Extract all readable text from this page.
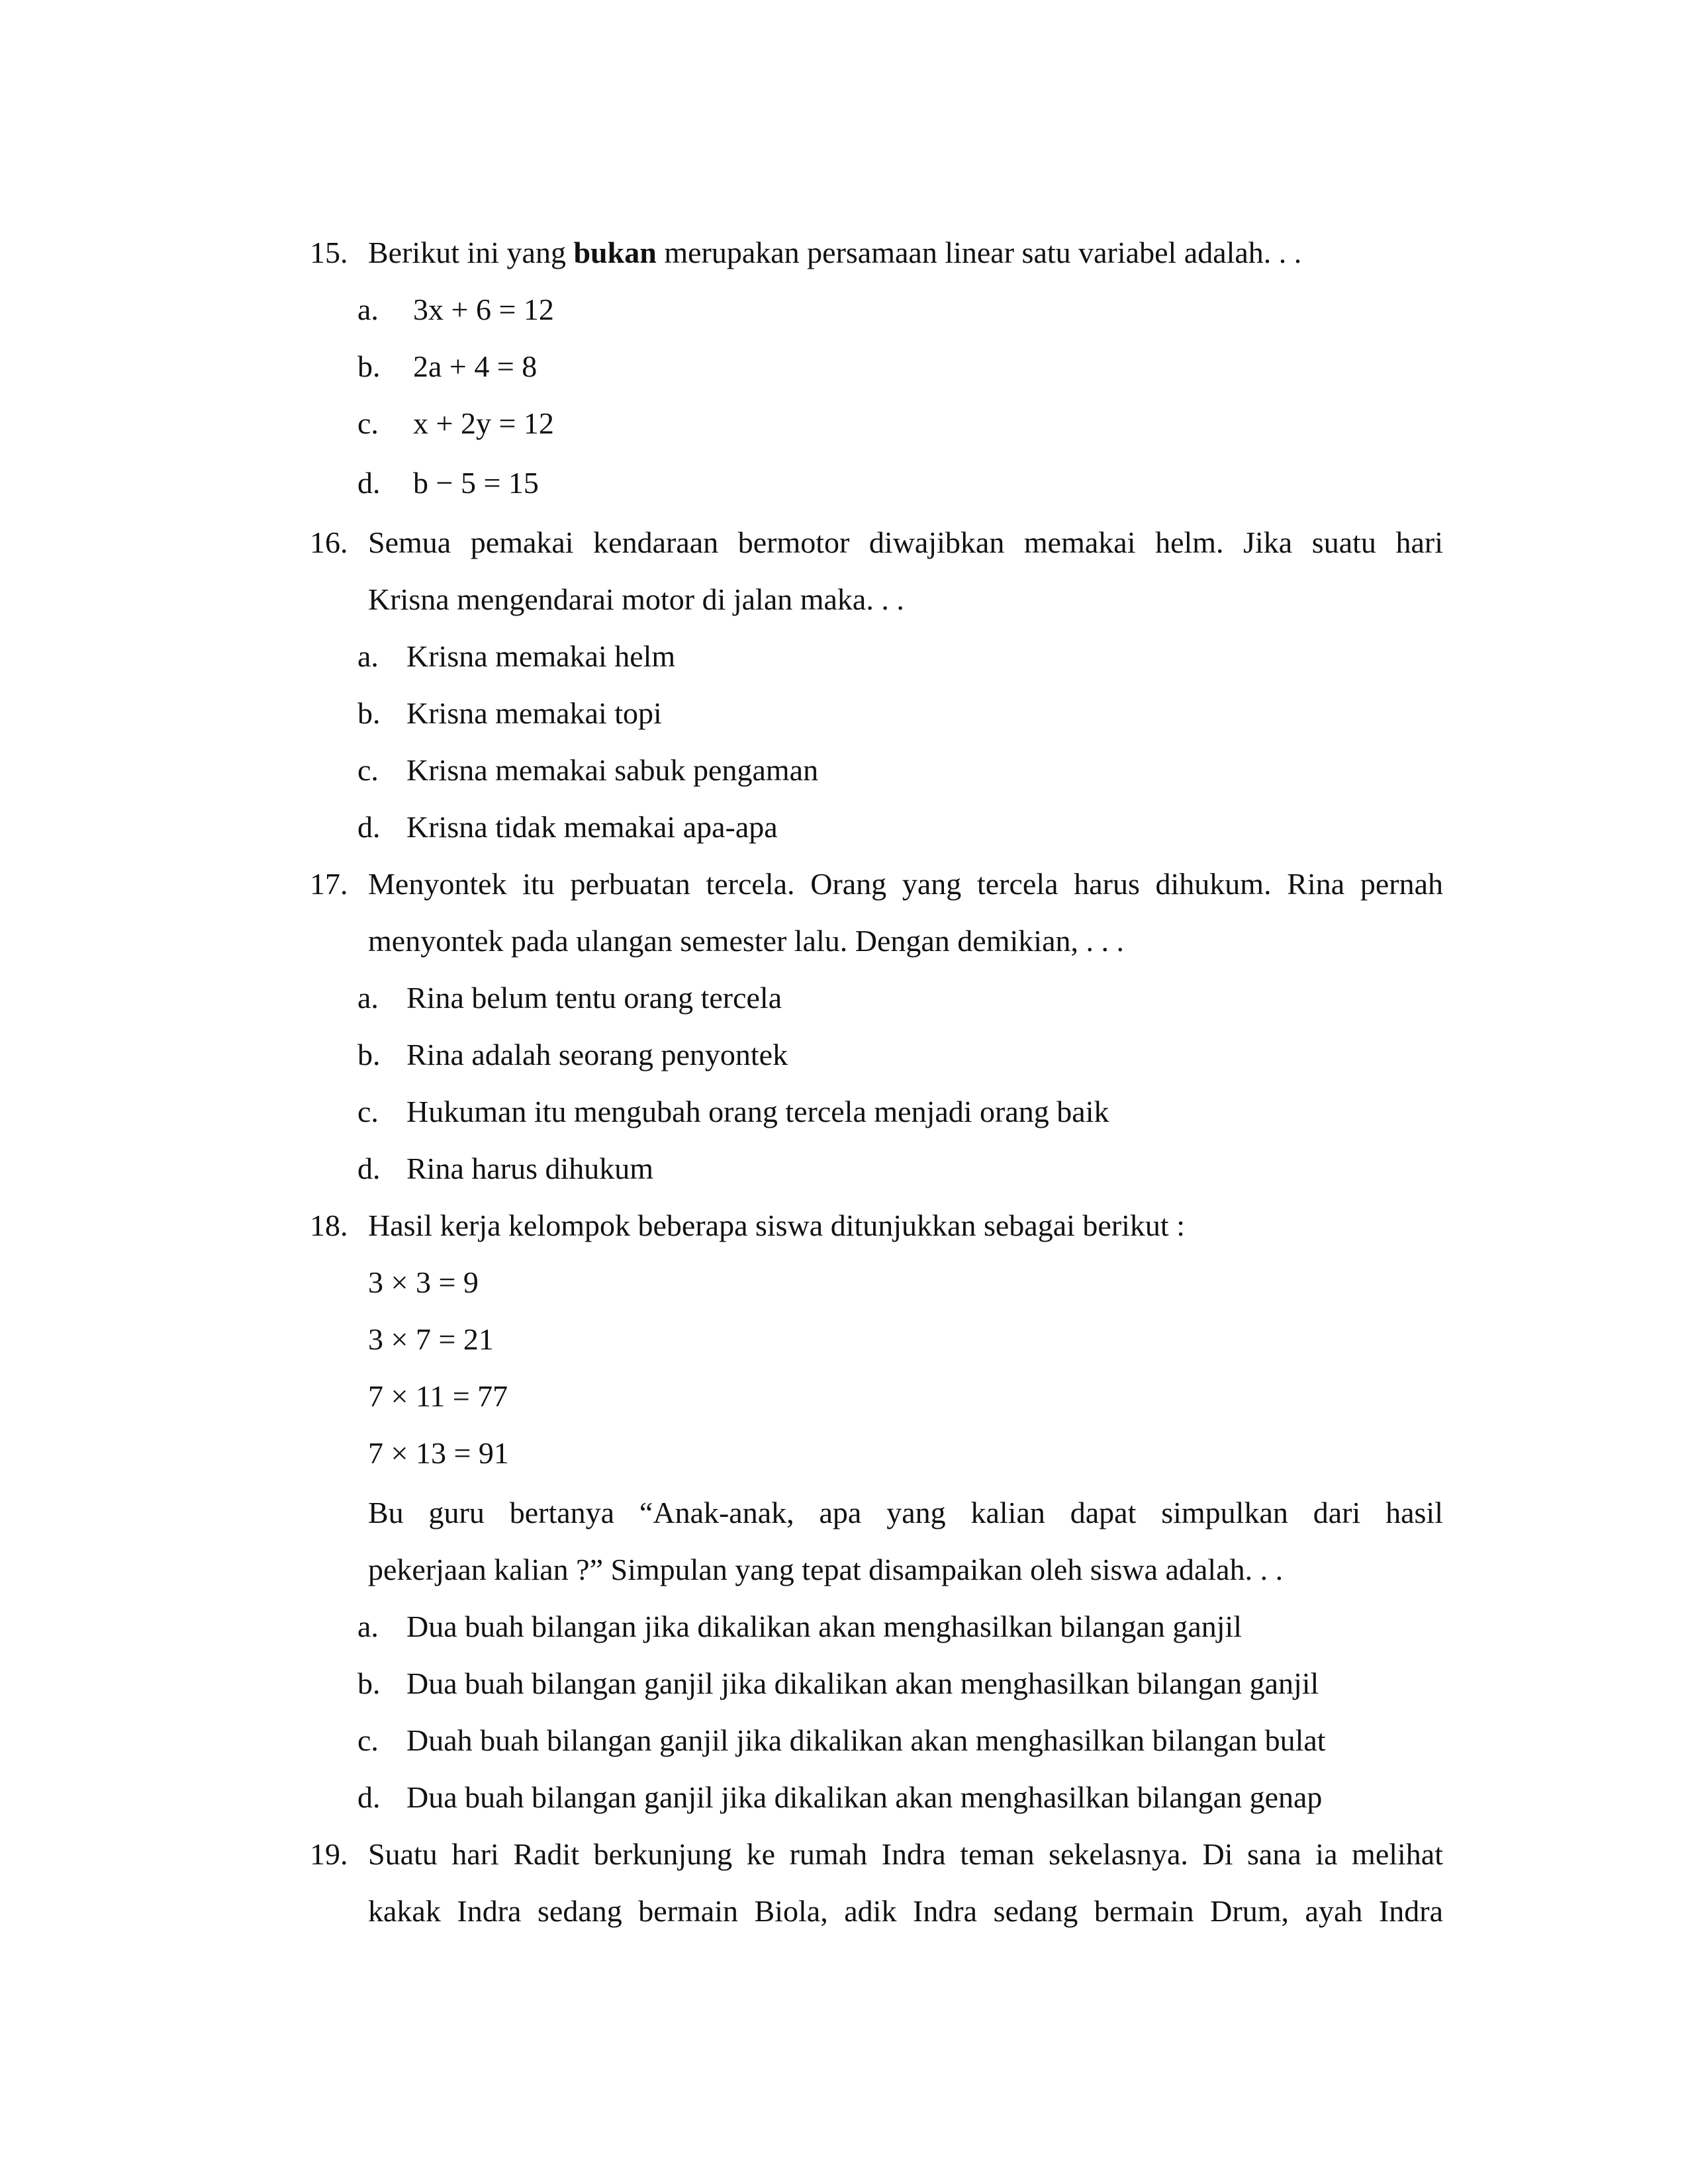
15. Berikut ini yang bukan merupakan persamaan linear satu variabel adalah. . .
a. 3x + 6 = 12
b. 2a + 4 = 8
c. x + 2y = 12
d. b − 5 = 15
16. Semua pemakai kendaraan bermotor diwajibkan memakai helm. Jika suatu hari
Krisna mengendarai motor di jalan maka. . .
a. Krisna memakai helm
b. Krisna memakai topi
c. Krisna memakai sabuk pengaman
d. Krisna tidak memakai apa-apa
17. Menyontek itu perbuatan tercela. Orang yang tercela harus dihukum. Rina pernah
menyontek pada ulangan semester lalu. Dengan demikian, . . .
a. Rina belum tentu orang tercela
b. Rina adalah seorang penyontek
c. Hukuman itu mengubah orang tercela menjadi orang baik
d. Rina harus dihukum
18. Hasil kerja kelompok beberapa siswa ditunjukkan sebagai berikut :
3 × 3 = 9
3 × 7 = 21
7 × 11 = 77
7 × 13 = 91
Bu guru bertanya “Anak-anak, apa yang kalian dapat simpulkan dari hasil
pekerjaan kalian ?” Simpulan yang tepat disampaikan oleh siswa adalah. . .
a. Dua buah bilangan jika dikalikan akan menghasilkan bilangan ganjil
b. Dua buah bilangan ganjil jika dikalikan akan menghasilkan bilangan ganjil
c. Duah buah bilangan ganjil jika dikalikan akan menghasilkan bilangan bulat
d. Dua buah bilangan ganjil jika dikalikan akan menghasilkan bilangan genap
19. Suatu hari Radit berkunjung ke rumah Indra teman sekelasnya. Di sana ia melihat
kakak Indra sedang bermain Biola, adik Indra sedang bermain Drum, ayah Indra
